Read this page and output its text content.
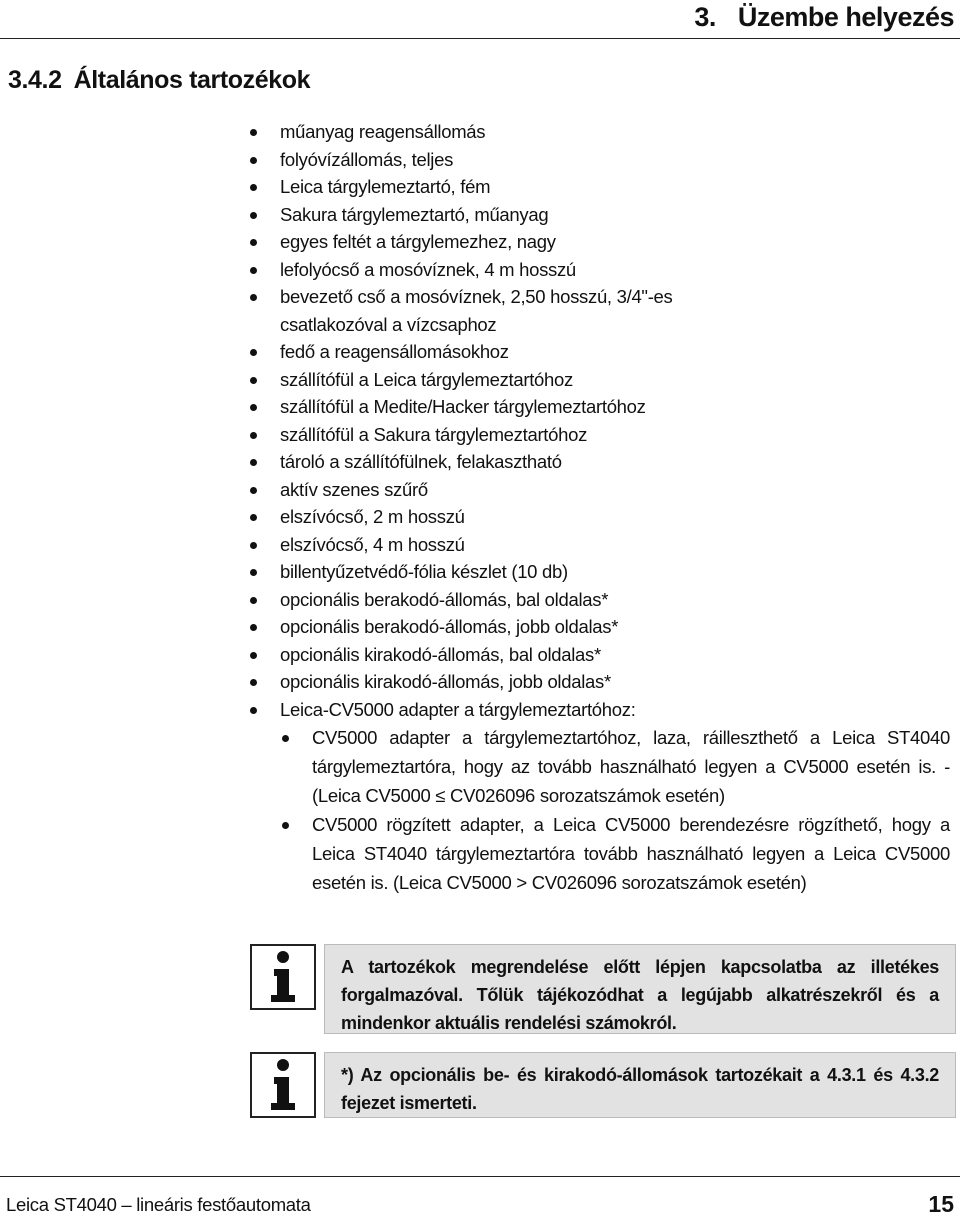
3. Üzembe helyezés
3.4.2 Általános tartozékok
műanyag reagensállomás
folyóvízállomás, teljes
Leica tárgylemeztartó, fém
Sakura tárgylemeztartó, műanyag
egyes feltét a tárgylemezhez, nagy
lefolyócső a mosóvíznek, 4 m hosszú
bevezető cső a mosóvíznek, 2,50 hosszú, 3/4"-es csatlakozóval a vízcsaphoz
fedő a reagensállomásokhoz
szállítófül a Leica tárgylemeztartóhoz
szállítófül a Medite/Hacker tárgylemeztartóhoz
szállítófül a Sakura tárgylemeztartóhoz
tároló a szállítófülnek, felakasztható
aktív szenes szűrő
elszívócső, 2 m hosszú
elszívócső, 4 m hosszú
billentyűzetvédő-fólia készlet (10 db)
opcionális berakodó-állomás, bal oldalas*
opcionális berakodó-állomás, jobb oldalas*
opcionális kirakodó-állomás, bal oldalas*
opcionális kirakodó-állomás, jobb oldalas*
Leica-CV5000 adapter a tárgylemeztartóhoz:
CV5000 adapter a tárgylemeztartóhoz, laza, ráilleszthető a Leica ST4040 tárgylemeztartóra, hogy az tovább használható legyen a CV5000 esetén is. - (Leica CV5000 ≤ CV026096 sorozatszámok esetén)
CV5000 rögzített adapter, a Leica CV5000 berendezésre rögzíthető, hogy a Leica ST4040 tárgylemeztartóra tovább használható legyen a Leica CV5000 esetén is. (Leica CV5000 > CV026096 sorozatszámok esetén)
A tartozékok megrendelése előtt lépjen kapcsolatba az illetékes forgalmazóval. Tőlük tájékozódhat a legújabb alkatrészekről és a mindenkor aktuális rendelési számokról.
*) Az opcionális be- és kirakodó-állomások tartozékait a 4.3.1 és 4.3.2 fejezet ismerteti.
Leica ST4040 – lineáris festőautomata	15
